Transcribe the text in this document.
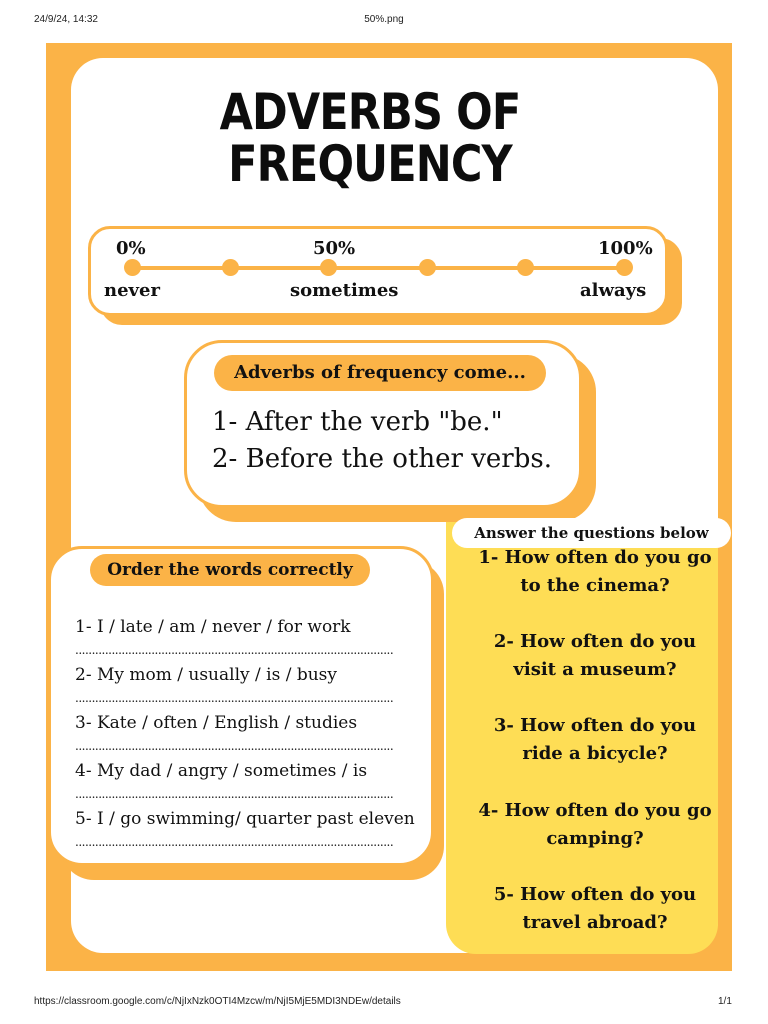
24/9/24, 14:32	50%.png
ADVERBS OF
FREQUENCY
0%	50%	100%
never	sometimes	always
Adverbs of frequency come...
1- After the verb "be."
2- Before the other verbs.
Order the words correctly
1- I / late / am / never / for work
................................................................................................
2- My mom / usually / is / busy
................................................................................................
3- Kate / often / English / studies
................................................................................................
4- My dad / angry / sometimes / is
................................................................................................
5- I / go swimming/ quarter past eleven
................................................................................................
Answer the questions below
1- How often do you go
to the cinema?
2- How often do you
visit a museum?
3- How often do you
ride a bicycle?
4- How often do you go
camping?
5- How often do you
travel abroad?
https://classroom.google.com/c/NjIxNzk0OTI4Mzcw/m/NjI5MjE5MDI3NDEw/details	1/1
